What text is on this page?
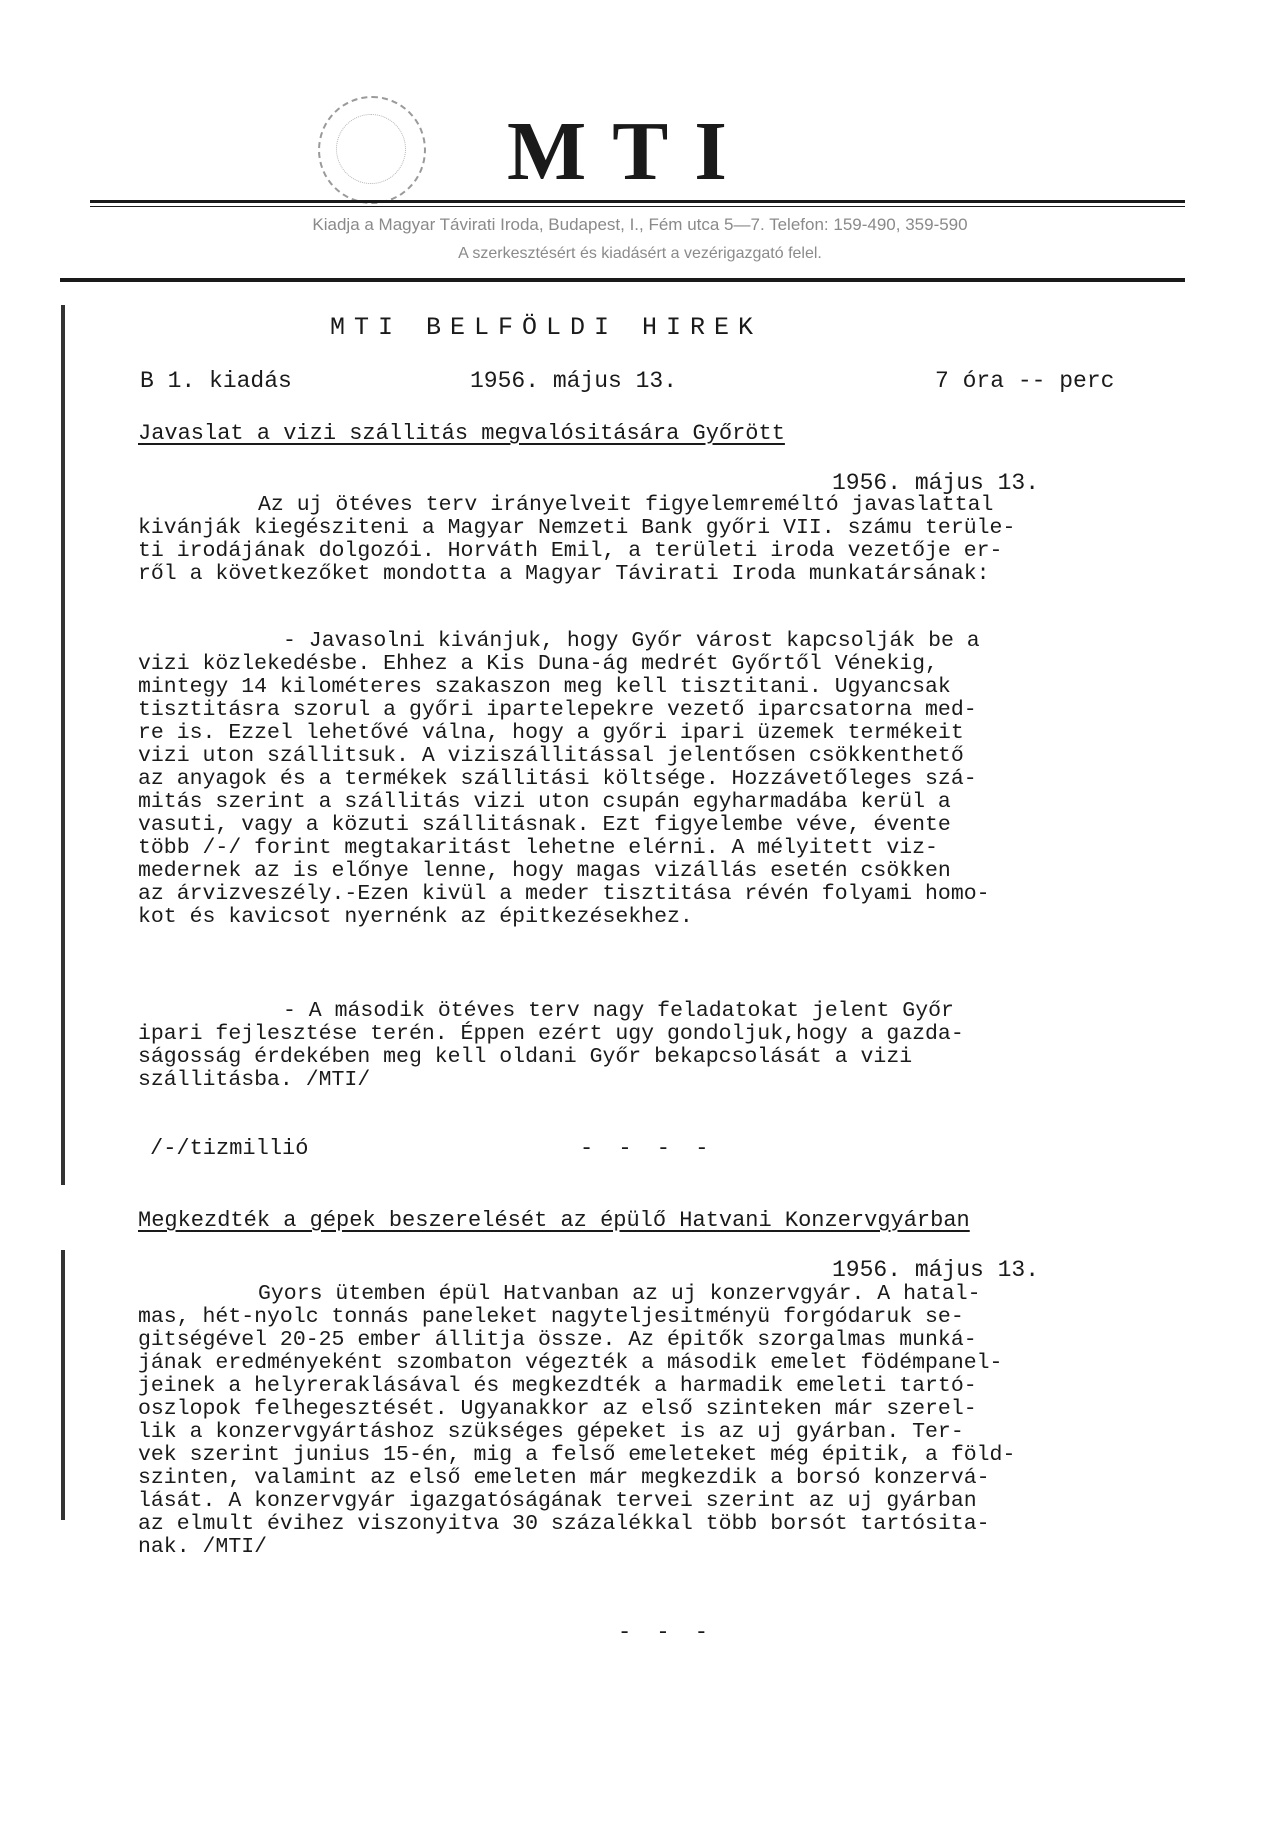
MTI
Kiadja a Magyar Távirati Iroda, Budapest, I., Fém utca 5—7. Telefon: 159-490, 359-590
A szerkesztésért és kiadásért a vezérigazgató felel.
MTI BELFÖLDI HIREK
B 1. kiadás	1956. május 13.	7 óra -- perc
Javaslat a vizi szállitás megvalósitására Győrött
1956. május 13.
Az uj ötéves terv irányelveit figyelemreméltó javaslattal
kivánják kiegésziteni a Magyar Nemzeti Bank győri VII. számu terüle-
ti irodájának dolgozói. Horváth Emil, a területi iroda vezetője er-
ről a következőket mondotta a Magyar Távirati Iroda munkatársának:
- Javasolni kivánjuk, hogy Győr várost kapcsolják be a
vizi közlekedésbe. Ehhez a Kis Duna-ág medrét Győrtől Vénekig,
mintegy 14 kilométeres szakaszon meg kell tisztitani. Ugyancsak
tisztitásra szorul a győri ipartelepekre vezető iparcsatorna med-
re is. Ezzel lehetővé válna, hogy a győri ipari üzemek termékeit
vizi uton szállitsuk. A viziszállitással jelentősen csökkenthető
az anyagok és a termékek szállitási költsége. Hozzávetőleges szá-
mitás szerint a szállitás vizi uton csupán egyharmadába kerül a
vasuti, vagy a közuti szállitásnak. Ezt figyelembe véve, évente
több /-/ forint megtakaritást lehetne elérni. A mélyitett viz-
medernek az is előnye lenne, hogy magas vizállás esetén csökken
az árvizveszély.-Ezen kivül a meder tisztitása révén folyami homo-
kot és kavicsot nyernénk az épitkezésekhez.
- A második ötéves terv nagy feladatokat jelent Győr
ipari fejlesztése terén. Éppen ezért ugy gondoljuk,hogy a gazda-
ságosság érdekében meg kell oldani Győr bekapcsolását a vizi
szállitásba. /MTI/
/-/tizmillió	- - - -
Megkezdték a gépek beszerelését az épülő Hatvani Konzervgyárban
1956. május 13.
Gyors ütemben épül Hatvanban az uj konzervgyár. A hatal-
mas, hét-nyolc tonnás paneleket nagyteljesitményü forgódaruk se-
gitségével 20-25 ember állitja össze. Az épitők szorgalmas munká-
jának eredményeként szombaton végezték a második emelet födémpanel-
jeinek a helyreraklásával és megkezdték a harmadik emeleti tartó-
oszlopok felhegesztését. Ugyanakkor az első szinteken már szerel-
lik a konzervgyártáshoz szükséges gépeket is az uj gyárban. Ter-
vek szerint junius 15-én, mig a felső emeleteket még épitik, a föld-
szinten, valamint az első emeleten már megkezdik a borsó konzervá-
lását. A konzervgyár igazgatóságának tervei szerint az uj gyárban
az elmult évihez viszonyitva 30 százalékkal több borsót tartósita-
nak. /MTI/
- - -
